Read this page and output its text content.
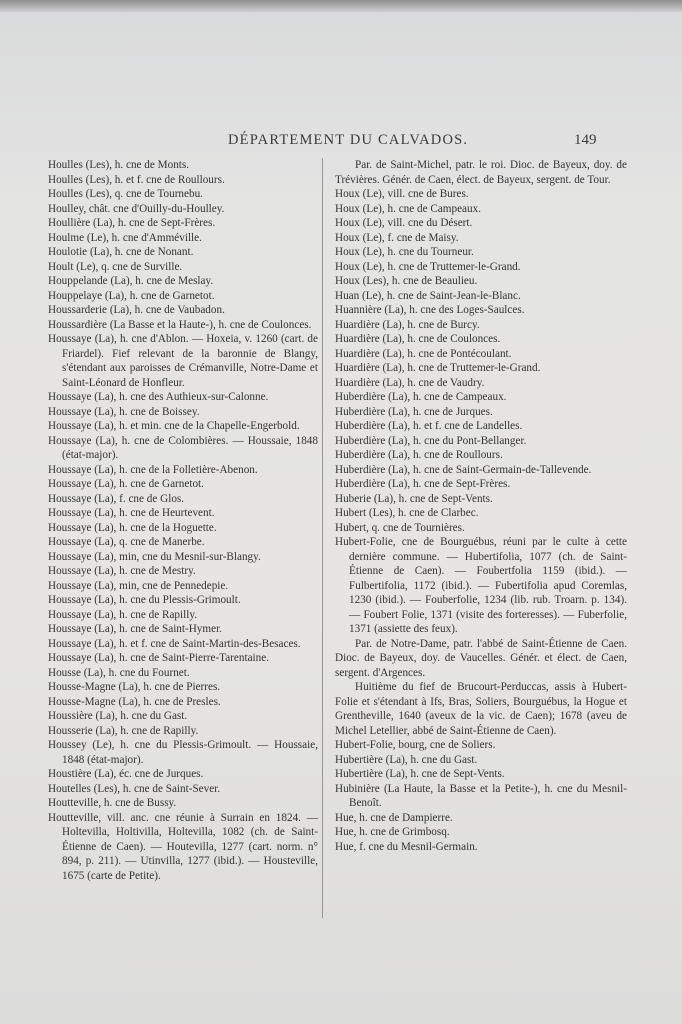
DÉPARTEMENT DU CALVADOS.	149
Houlles (Les), h. cne de Monts.
Houlles (Les), h. et f. cne de Roullours.
Houlles (Les), q. cne de Tournebu.
Houlley, chât. cne d'Ouilly-du-Houlley.
Houllière (La), h. cne de Sept-Frères.
Houlme (Le), h. cne d'Amméville.
Houlotie (La), h. cne de Nonant.
Hoult (Le), q. cne de Surville.
Houppelande (La), h. cne de Meslay.
Houppelaye (La), h. cne de Garnetot.
Houssarderie (La), h. cne de Vaubadon.
Houssardière (La Basse et la Haute-), h. cne de Coulonces.
Houssaye (La), h. cne d'Ablon. — Hoxeia, v. 1260 (cart. de Friardel). Fief relevant de la baronnie de Blangy, s'étendant aux paroisses de Crémanville, Notre-Dame et Saint-Léonard de Honfleur.
Houssaye (La), h. cne des Authieux-sur-Calonne.
Houssaye (La), h. cne de Boissey.
Houssaye (La), h. et min. cne de la Chapelle-Engerbold.
Houssaye (La), h. cne de Colombières. — Houssaie, 1848 (état-major).
Houssaye (La), h. cne de la Folletière-Abenon.
Houssaye (La), h. cne de Garnetot.
Houssaye (La), f. cne de Glos.
Houssaye (La), h. cne de Heurtevent.
Houssaye (La), h. cne de la Hoguette.
Houssaye (La), q. cne de Manerbe.
Houssaye (La), min, cne du Mesnil-sur-Blangy.
Houssaye (La), h. cne de Mestry.
Houssaye (La), min, cne de Pennedepie.
Houssaye (La), h. cne du Plessis-Grimoult.
Houssaye (La), h. cne de Rapilly.
Houssaye (La), h. cne de Saint-Hymer.
Houssaye (La), h. et f. cne de Saint-Martin-des-Besaces.
Houssaye (La), h. cne de Saint-Pierre-Tarentaine.
Housse (La), h. cne du Fournet.
Housse-Magne (La), h. cne de Pierres.
Housse-Magne (La), h. cne de Presles.
Houssière (La), h. cne du Gast.
Housserie (La), h. cne de Rapilly.
Houssey (Le), h. cne du Plessis-Grimoult. — Houssaie, 1848 (état-major).
Houstière (La), éc. cne de Jurques.
Houtelles (Les), h. cne de Saint-Sever.
Houtteville, h. cne de Bussy.
Houtteville, vill. anc. cne réunie à Surrain en 1824. — Holtevilla, Holtivilla, Holtevilla, 1082 (ch. de Saint-Étienne de Caen). — Houtevilla, 1277 (cart. norm. n° 894, p. 211). — Utinvilla, 1277 (ibid.). — Housteville, 1675 (carte de Petite).
Par. de Saint-Michel, patr. le roi. Dioc. de Bayeux, doy. de Trévières. Génér. de Caen, élect. de Bayeux, sergent. de Tour.
Houx (Le), vill. cne de Bures.
Houx (Le), h. cne de Campeaux.
Houx (Le), vill. cne du Désert.
Houx (Le), f. cne de Maisy.
Houx (Le), h. cne du Tourneur.
Houx (Le), h. cne de Truttemer-le-Grand.
Houx (Les), h. cne de Beaulieu.
Huan (Le), h. cne de Saint-Jean-le-Blanc.
Huannière (La), h. cne des Loges-Saulces.
Huardière (La), h. cne de Burcy.
Huardière (La), h. cne de Coulonces.
Huardière (La), h. cne de Pontécoulant.
Huardière (La), h. cne de Truttemer-le-Grand.
Huardière (La), h. cne de Vaudry.
Huberdière (La), h. cne de Campeaux.
Huberdière (La), h. cne de Jurques.
Huberdière (La), h. et f. cne de Landelles.
Huberdière (La), h. cne du Pont-Bellanger.
Huberdière (La), h. cne de Roullours.
Huberdière (La), h. cne de Saint-Germain-de-Tallevende.
Huberdière (La), h. cne de Sept-Frères.
Huberie (La), h. cne de Sept-Vents.
Hubert (Les), h. cne de Clarbec.
Hubert, q. cne de Tournières.
Hubert-Folie, cne de Bourguébus, réuni par le culte à cette dernière commune. — Hubertifolia, 1077 (ch. de Saint-Étienne de Caen). — Foubertfolia 1159 (ibid.). — Fulbertifolia, 1172 (ibid.). — Fubertifolia apud Coremlas, 1230 (ibid.). — Fouberfolie, 1234 (lib. rub. Troarn. p. 134). — Foubert Folie, 1371 (visite des forteresses). — Fuberfolie, 1371 (assiette des feux).
Par. de Notre-Dame, patr. l'abbé de Saint-Étienne de Caen. Dioc. de Bayeux, doy. de Vaucelles. Génér. et élect. de Caen, sergent. d'Argences.
Huitième du fief de Brucourt-Perduccas, assis à Hubert-Folie et s'étendant à Ifs, Bras, Soliers, Bourguébus, la Hogue et Grentheville, 1640 (aveux de la vic. de Caen); 1678 (aveu de Michel Letellier, abbé de Saint-Étienne de Caen).
Hubert-Folie, bourg, cne de Soliers.
Hubertière (La), h. cne du Gast.
Hubertière (La), h. cne de Sept-Vents.
Hubinière (La Haute, la Basse et la Petite-), h. cne du Mesnil-Benoît.
Hue, h. cne de Dampierre.
Hue, h. cne de Grimbosq.
Hue, f. cne du Mesnil-Germain.
